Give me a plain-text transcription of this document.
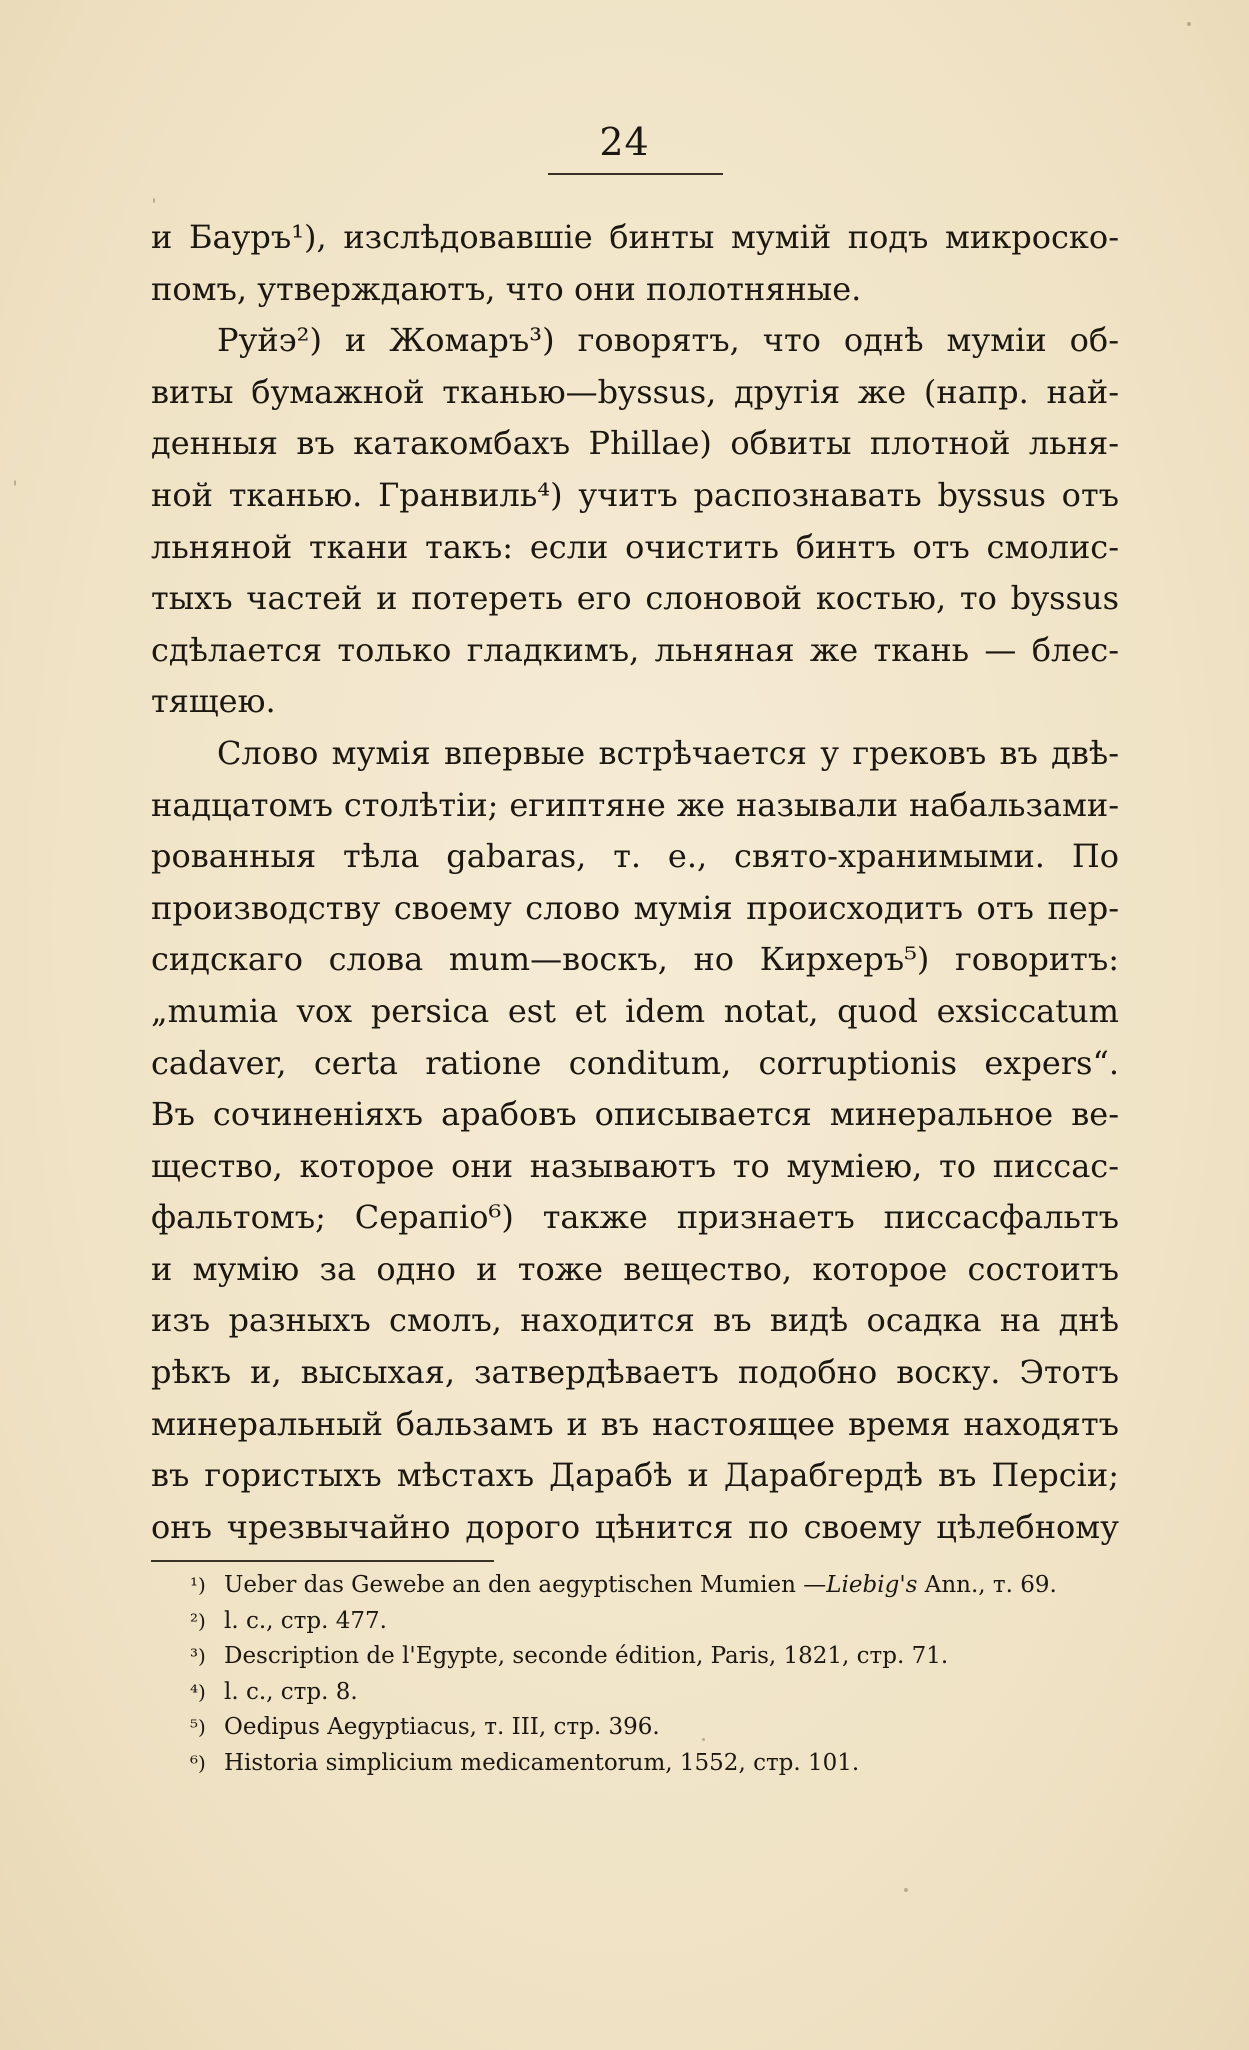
24
и Бауръ¹), изслѣдовавшіе бинты мумій подъ микроско-
помъ, утверждаютъ, что они полотняные.
Руйэ²) и Жомаръ³) говорятъ, что однѣ муміи об-
виты бумажной тканью—byssus, другія же (напр. най-
денныя въ катакомбахъ Phillae) обвиты плотной льня-
ной тканью. Гранвиль⁴) учитъ распознавать byssus отъ
льняной ткани такъ: если очистить бинтъ отъ смолис-
тыхъ частей и потереть его слоновой костью, то byssus
сдѣлается только гладкимъ, льняная же ткань — блес-
тящею.
Слово мумія впервые встрѣчается у грековъ въ двѣ-
надцатомъ столѣтіи; египтяне же называли набальзами-
рованныя тѣла gabaras, т. е., свято-хранимыми. По
производству своему слово мумія происходитъ отъ пер-
сидскаго слова mum—воскъ, но Кирхеръ⁵) говоритъ:
„mumia vox persica est et idem notat, quod exsiccatum
cadaver, certa ratione conditum, corruptionis expers“.
Въ сочиненіяхъ арабовъ описывается минеральное ве-
щество, которое они называютъ то муміею, то писсас-
фальтомъ; Серапіо⁶) также признаетъ писсасфальтъ
и мумію за одно и тоже вещество, которое состоитъ
изъ разныхъ смолъ, находится въ видѣ осадка на днѣ
рѣкъ и, высыхая, затвердѣваетъ подобно воску. Этотъ
минеральный бальзамъ и въ настоящее время находятъ
въ гористыхъ мѣстахъ Дарабѣ и Дарабгердѣ въ Персіи;
онъ чрезвычайно дорого цѣнится по своему цѣлебному
¹) Ueber das Gewebe an den aegyptischen Mumien —Liebig's Ann., т. 69.
²) l. c., стр. 477.
³) Description de l'Egypte, seconde édition, Paris, 1821, стр. 71.
⁴) l. c., стр. 8.
⁵) Oedipus Aegyptiacus, т. III, стр. 396.
⁶) Historia simplicium medicamentorum, 1552, стр. 101.
